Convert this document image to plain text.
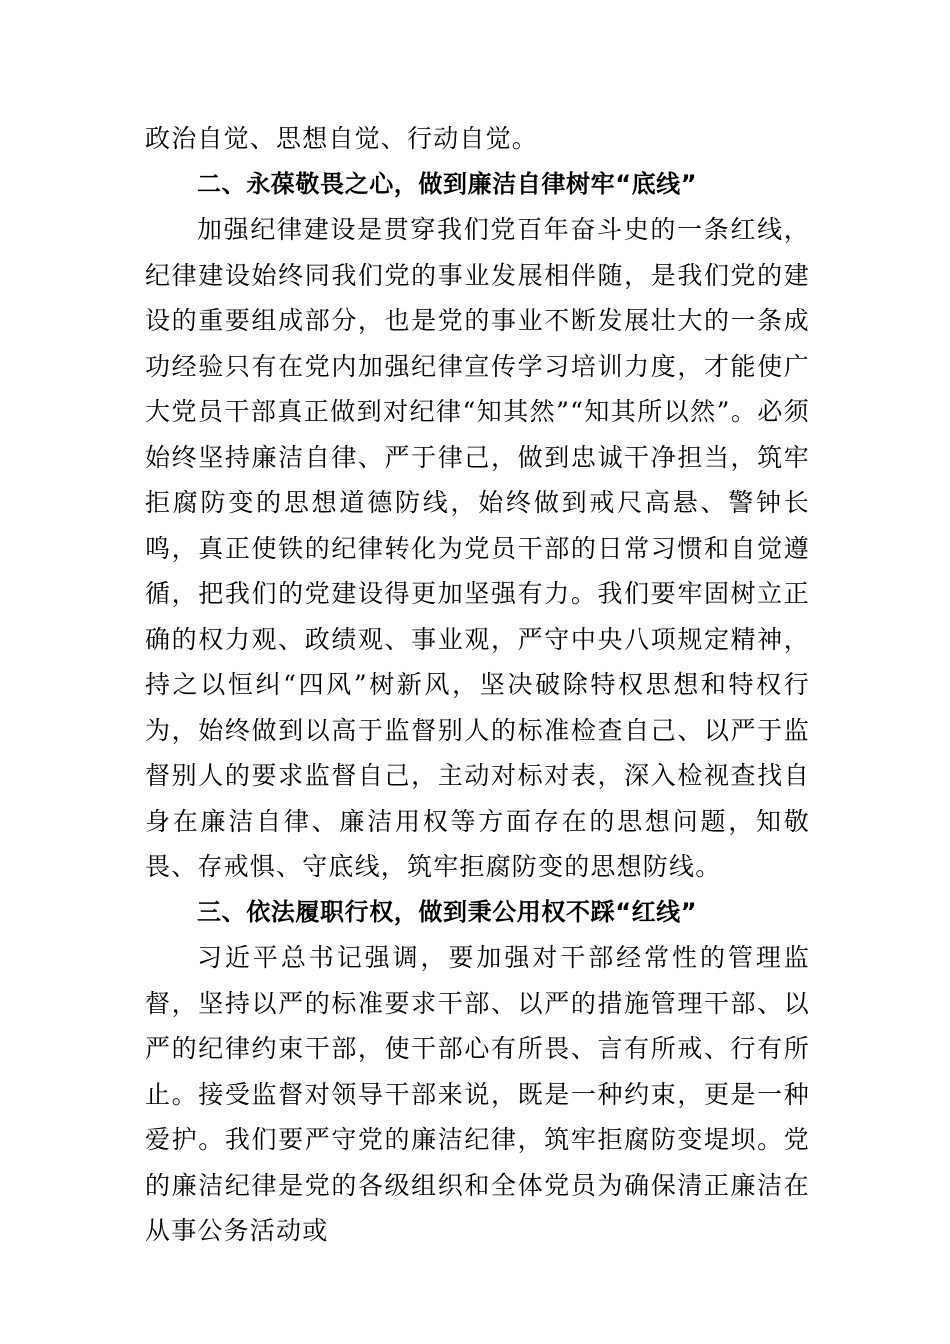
政治自觉、思想自觉、行动自觉。

二、永葆敬畏之心，做到廉洁自律树牢“底线”

加强纪律建设是贯穿我们党百年奋斗史的一条红线，纪律建设始终同我们党的事业发展相伴随，是我们党的建设的重要组成部分，也是党的事业不断发展壮大的一条成功经验只有在党内加强纪律宣传学习培训力度，才能使广大党员干部真正做到对纪律“知其然”“知其所以然”。必须始终坚持廉洁自律、严于律己，做到忠诚干净担当，筑牢拒腐防变的思想道德防线，始终做到戒尺高悬、警钟长鸣，真正使铁的纪律转化为党员干部的日常习惯和自觉遵循，把我们的党建设得更加坚强有力。我们要牢固树立正确的权力观、政绩观、事业观，严守中央八项规定精神，持之以恒纠“四风”树新风，坚决破除特权思想和特权行为，始终做到以高于监督别人的标准检查自己、以严于监督别人的要求监督自己，主动对标对表，深入检视查找自身在廉洁自律、廉洁用权等方面存在的思想问题，知敬畏、存戒惧、守底线，筑牢拒腐防变的思想防线。

三、依法履职行权，做到秉公用权不踩“红线”

习近平总书记强调，要加强对干部经常性的管理监督，坚持以严的标准要求干部、以严的措施管理干部、以严的纪律约束干部，使干部心有所畏、言有所戒、行有所止。接受监督对领导干部来说，既是一种约束，更是一种爱护。我们要严守党的廉洁纪律，筑牢拒腐防变堤坝。党的廉洁纪律是党的各级组织和全体党员为确保清正廉洁在从事公务活动或
